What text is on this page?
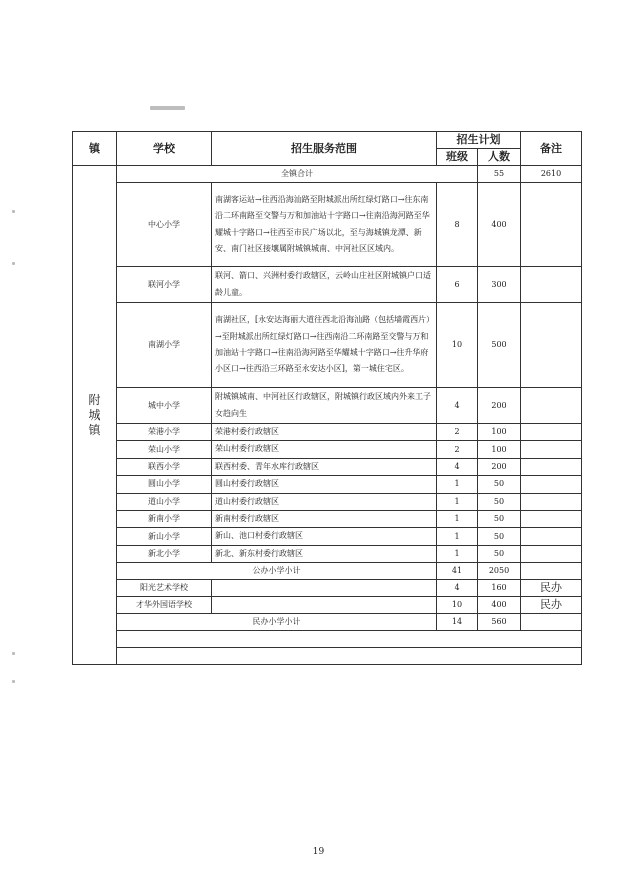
镇	学校	招生服务范围	招生计划		备注	
			班级	人数		

附
城
镇	全镇合计			55	2610	
	中心小学	南湖客运站→往西沿海汕路至附城派出所红绿灯路口→往东南沿二环南路至交警与万和加油站十字路口→往南沿海河路至华耀城十字路口→往西至市民广场以北，至与海城镇龙潭、新安、南门社区接壤属附城镇城南、中河社区区域内。	8	400		
	联河小学	联河、箭口、兴洲村委行政辖区，云岭山庄社区附城镇户口适龄儿童。	6	300		
	南湖小学	南湖社区，[永安达海丽大道往西北沿海汕路（包括墙霞西片）→至附城派出所红绿灯路口→往西南沿二环南路至交警与万和加油站十字路口→往南沿海河路至华耀城十字路口→往升华府小区口→往西沿三环路至永安达小区]，第一城住宅区。	10	500		
	城中小学	附城镇城南、中河社区行政辖区，附城镇行政区域内外来工子女趋向生	4	200		
	荣港小学	荣港村委行政辖区	2	100		
	荣山小学	荣山村委行政辖区	2	100		
	联西小学	联西村委、青年水库行政辖区	4	200		
	圆山小学	圆山村委行政辖区	1	50		
	道山小学	道山村委行政辖区	1	50		
	新南小学	新南村委行政辖区	1	50		
	新山小学	新山、池口村委行政辖区	1	50		
	新北小学	新北、新东村委行政辖区	1	50		
	公办小学小计		41	2050		
	阳光艺术学校		4	160	民办	
	才华外国语学校		10	400	民办	
	民办小学小计		14	560		

19
